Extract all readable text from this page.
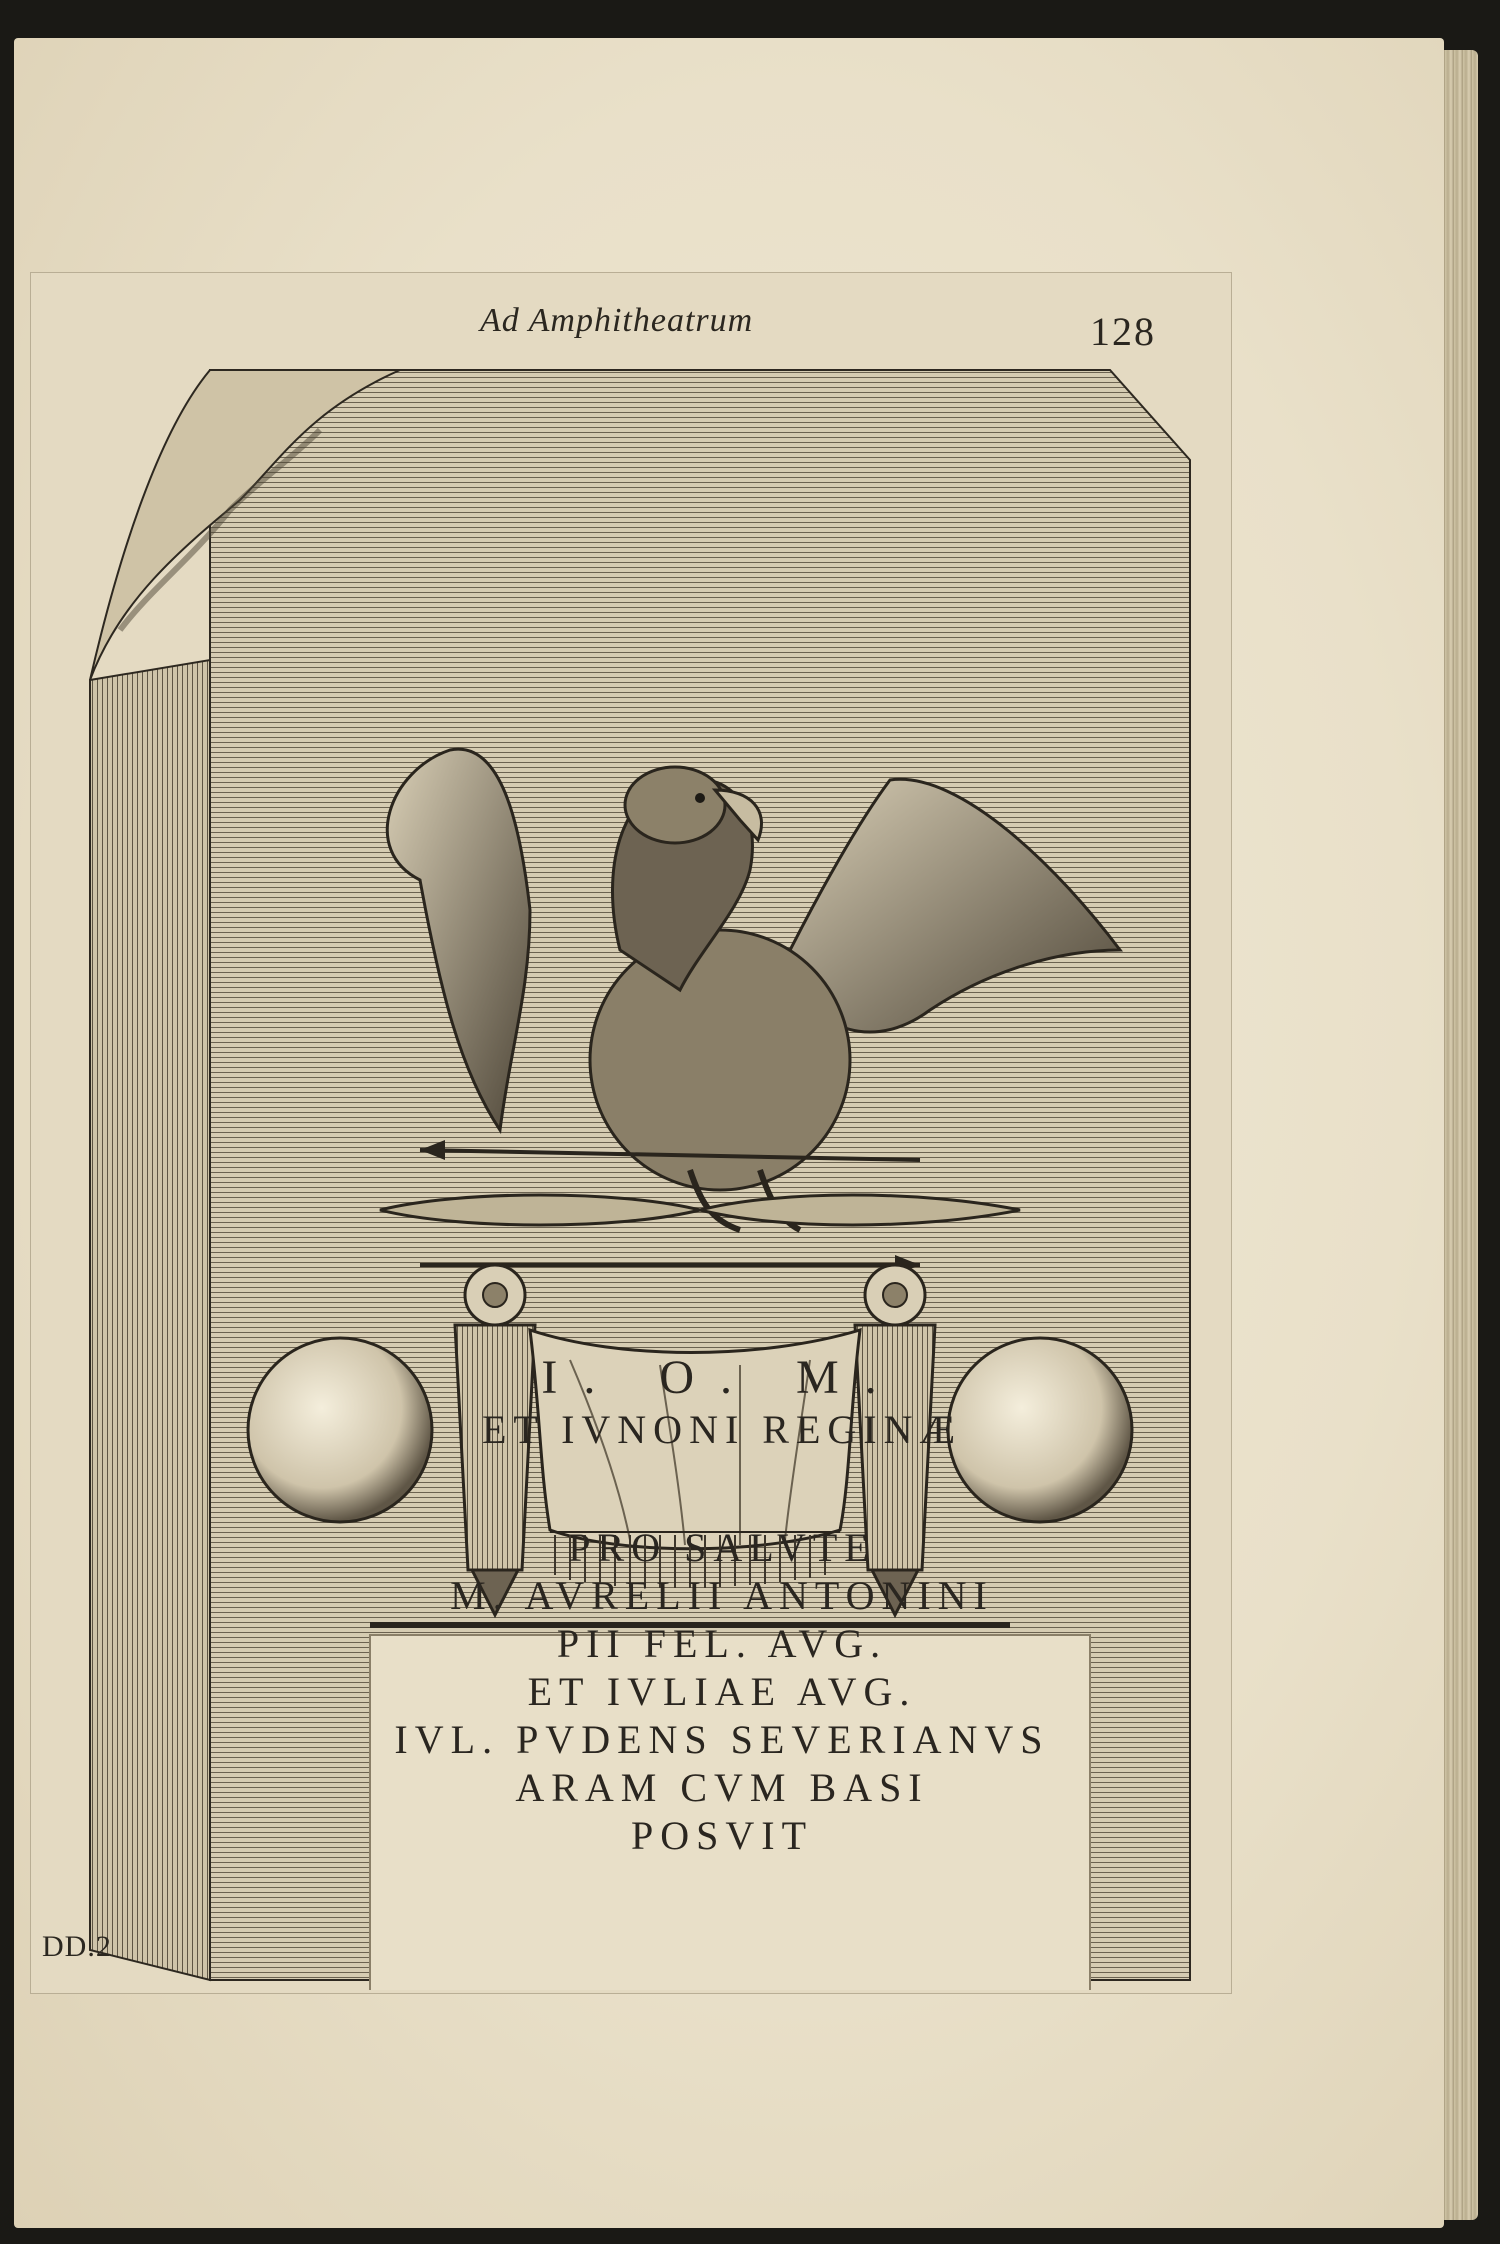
Ad Amphitheatrum	128
I. O. M.
ET IVNONI REGINÆ
PRO SALVTE
M. AVRELII ANTONINI
PII FEL. AVG.
ET IVLIAE AVG.
IVL. PVDENS SEVERIANVS
ARAM CVM BASI
POSVIT
DD.2
